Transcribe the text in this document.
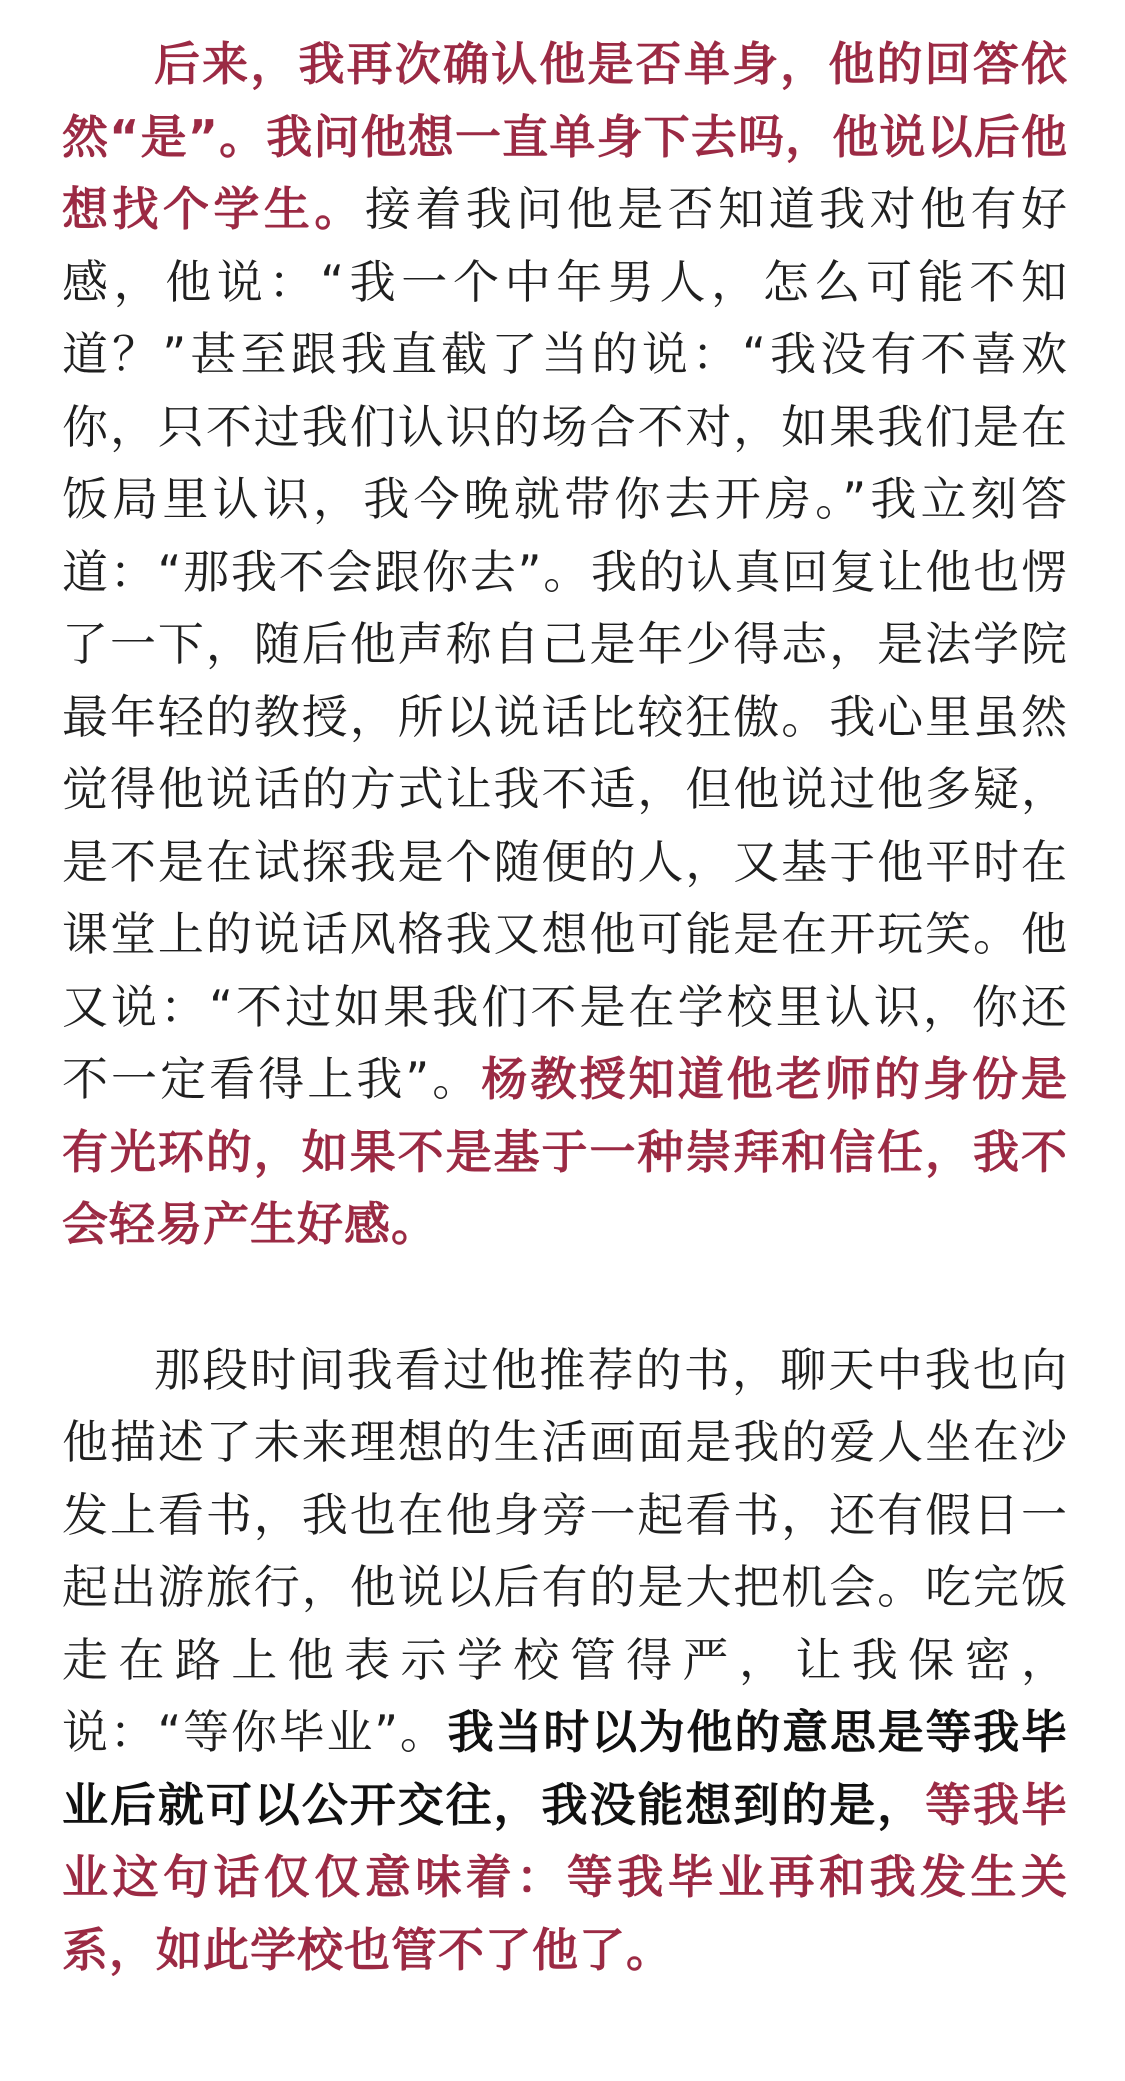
后来，我再次确认他是否单身，他的回答依然“是”。我问他想一直单身下去吗，他说以后他想找个学生。接着我问他是否知道我对他有好感，他说：“我一个中年男人，怎么可能不知道？”甚至跟我直截了当的说：“我没有不喜欢你，只不过我们认识的场合不对，如果我们是在饭局里认识，我今晚就带你去开房。”我立刻答道：“那我不会跟你去”。我的认真回复让他也愣了一下，随后他声称自己是年少得志，是法学院最年轻的教授，所以说话比较狂傲。我心里虽然觉得他说话的方式让我不适，但他说过他多疑，是不是在试探我是个随便的人，又基于他平时在课堂上的说话风格我又想他可能是在开玩笑。他又说：“不过如果我们不是在学校里认识，你还不一定看得上我”。杨教授知道他老师的身份是有光环的，如果不是基于一种崇拜和信任，我不会轻易产生好感。

那段时间我看过他推荐的书，聊天中我也向他描述了未来理想的生活画面是我的爱人坐在沙发上看书，我也在他身旁一起看书，还有假日一起出游旅行，他说以后有的是大把机会。吃完饭走在路上他表示学校管得严，让我保密，说：“等你毕业”。我当时以为他的意思是等我毕业后就可以公开交往，我没能想到的是，等我毕业这句话仅仅意味着：等我毕业再和我发生关系，如此学校也管不了他了。
